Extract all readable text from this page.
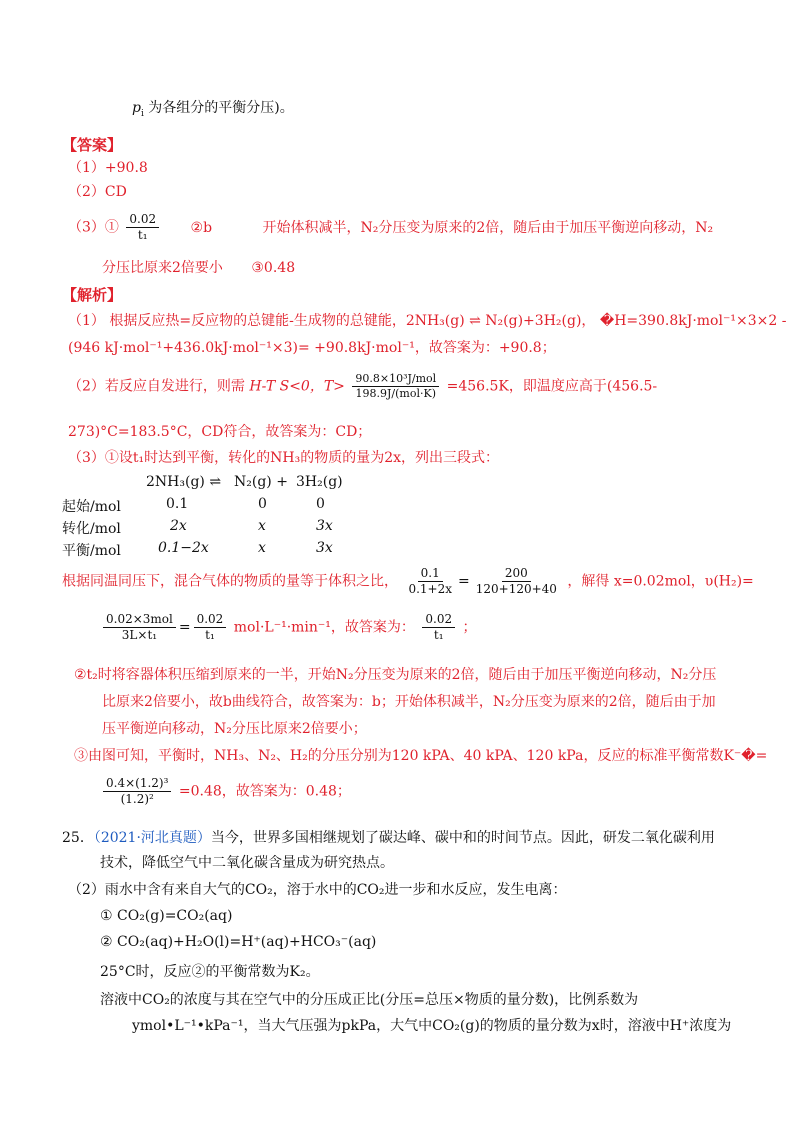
$p_i$ 为各组分的平衡分压)。
【答案】
（1）+90.8
（2）CD
（3）① $\frac{0.02}{\text{t₁}}$ ②b	开始体积减半，N₂分压变为原来的2倍，随后由于加压平衡逆向移动，N₂
分压比原来2倍要小 ③0.48
【解析】
（1） 根据反应热=反应物的总键能-生成物的总键能，2NH₃(g) ⇌ N₂(g)+3H₂(g)， �H=390.8kJ·mol⁻¹×3×2 -
(946 kJ·mol⁻¹+436.0kJ·mol⁻¹×3)= +90.8kJ·mol⁻¹，故答案为：+90.8；
（2）若反应自发进行，则需 H-T S<0，$T> \frac{\text{90.8×10³J/mol}}{\text{198.9J/(mol·K)}} =456.5K$，即温度应高于(456.5-
273)°C=183.5°C，CD符合，故答案为：CD；
（3）①设t₁时达到平衡，转化的NH₃的物质的量为2x，列出三段式：
2NH₃(g) ⇌ N₂(g) + 3H₂(g)
起始/mol	0.1	0	0
转化/mol	2x	x	3x
平衡/mol	0.1−2x	x	3x
根据同温同压下，混合气体的物质的量等于体积之比， $\frac{0.1}{0.1+2x} = \frac{200}{120+120+40}$ ，解得 x=0.02mol，υ(H₂)=
$\frac{\text{0.02×3mol}}{\text{3L×t₁}} = \frac{0.02}{\text{t₁}} mol\cdot L^{-1}\cdot\min^{-1}$，故答案为： $\frac{0.02}{\text{t₁}}$ ；
②t₂时将容器体积压缩到原来的一半，开始N₂分压变为原来的2倍，随后由于加压平衡逆向移动，N₂分压
比原来2倍要小，故b曲线符合，故答案为：b；开始体积减半，N₂分压变为原来的2倍，随后由于加
压平衡逆向移动，N₂分压比原来2倍要小；
③由图可知，平衡时，NH₃、N₂、H₂的分压分别为120 kPA、40 kPA、120 kPa，反应的标准平衡常数K⁻�=
$\frac{\text{0.4×(1.2)³}}{\text{(1.2)²}} =0.48$，故答案为：0.48；
25．（2021·河北真题）当今，世界多国相继规划了碳达峰、碳中和的时间节点。因此，研发二氧化碳利用
技术，降低空气中二氧化碳含量成为研究热点。
（2）雨水中含有来自大气的CO₂，溶于水中的CO₂进一步和水反应，发生电离：
① CO₂(g)=CO₂(aq)
② CO₂(aq)+H₂O(l)=H⁺(aq)+HCO₃⁻(aq)
25°C时，反应②的平衡常数为K₂。
溶液中CO₂的浓度与其在空气中的分压成正比(分压=总压×物质的量分数)，比例系数为
ymol•L⁻¹•kPa⁻¹，当大气压强为pkPa，大气中CO₂(g)的物质的量分数为x时，溶液中H⁺浓度为
